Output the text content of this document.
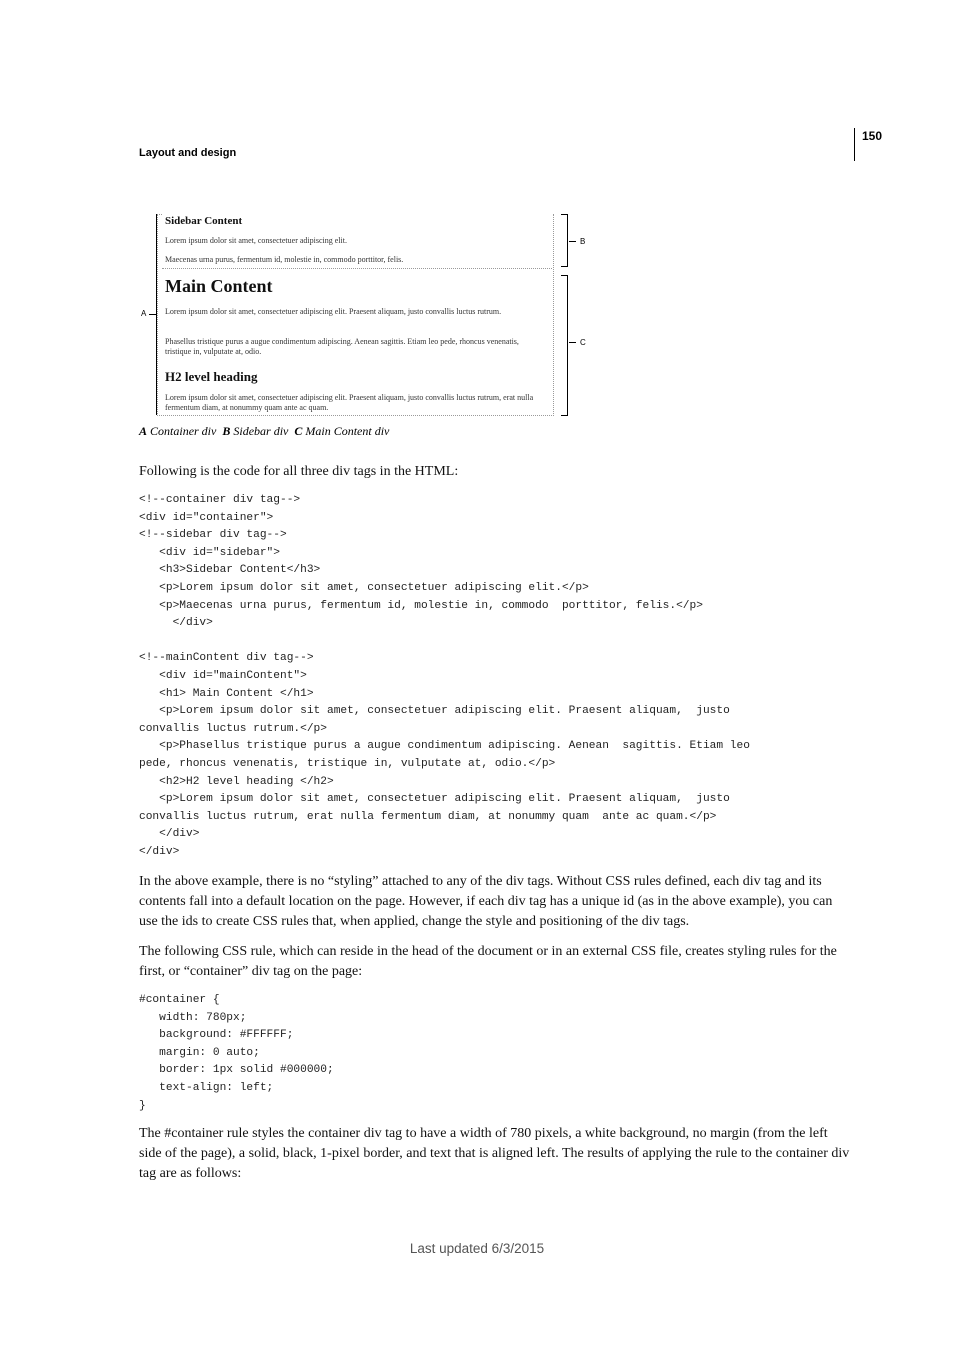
150
Layout and design
Sidebar Content
Lorem ipsum dolor sit amet, consectetuer adipiscing elit.
Maecenas urna purus, fermentum id, molestie in, commodo porttitor, felis.
Main Content
Lorem ipsum dolor sit amet, consectetuer adipiscing elit. Praesent aliquam, justo convallis luctus rutrum.
Phasellus tristique purus a augue condimentum adipiscing. Aenean sagittis. Etiam leo pede, rhoncus venenatis, tristique in, vulputate at, odio.
H2 level heading
Lorem ipsum dolor sit amet, consectetuer adipiscing elit. Praesent aliquam, justo convallis luctus rutrum, erat nulla fermentum diam, at nonummy quam ante ac quam.
A
B
C
A Container div B Sidebar div C Main Content div
Following is the code for all three div tags in the HTML:
<!--container div tag-->
<div id="container">
<!--sidebar div tag-->
<div id="sidebar">
<h3>Sidebar Content</h3>
<p>Lorem ipsum dolor sit amet, consectetuer adipiscing elit.</p>
<p>Maecenas urna purus, fermentum id, molestie in, commodo  porttitor, felis.</p>
</div>
<!--mainContent div tag-->
<div id="mainContent">
<h1> Main Content </h1>
<p>Lorem ipsum dolor sit amet, consectetuer adipiscing elit. Praesent aliquam,  justo
convallis luctus rutrum.</p>
<p>Phasellus tristique purus a augue condimentum adipiscing. Aenean  sagittis. Etiam leo
pede, rhoncus venenatis, tristique in, vulputate at, odio.</p>
<h2>H2 level heading </h2>
<p>Lorem ipsum dolor sit amet, consectetuer adipiscing elit. Praesent aliquam,  justo
convallis luctus rutrum, erat nulla fermentum diam, at nonummy quam  ante ac quam.</p>
</div>
</div>
In the above example, there is no “styling” attached to any of the div tags. Without CSS rules defined, each div tag and its contents fall into a default location on the page. However, if each div tag has a unique id (as in the above example), you can use the ids to create CSS rules that, when applied, change the style and positioning of the div tags.
The following CSS rule, which can reside in the head of the document or in an external CSS file, creates styling rules for the first, or “container” div tag on the page:
#container {
width: 780px;
background: #FFFFFF;
margin: 0 auto;
border: 1px solid #000000;
text-align: left;
}
The #container rule styles the container div tag to have a width of 780 pixels, a white background, no margin (from the left side of the page), a solid, black, 1-pixel border, and text that is aligned left. The results of applying the rule to the container div tag are as follows:
Last updated 6/3/2015
